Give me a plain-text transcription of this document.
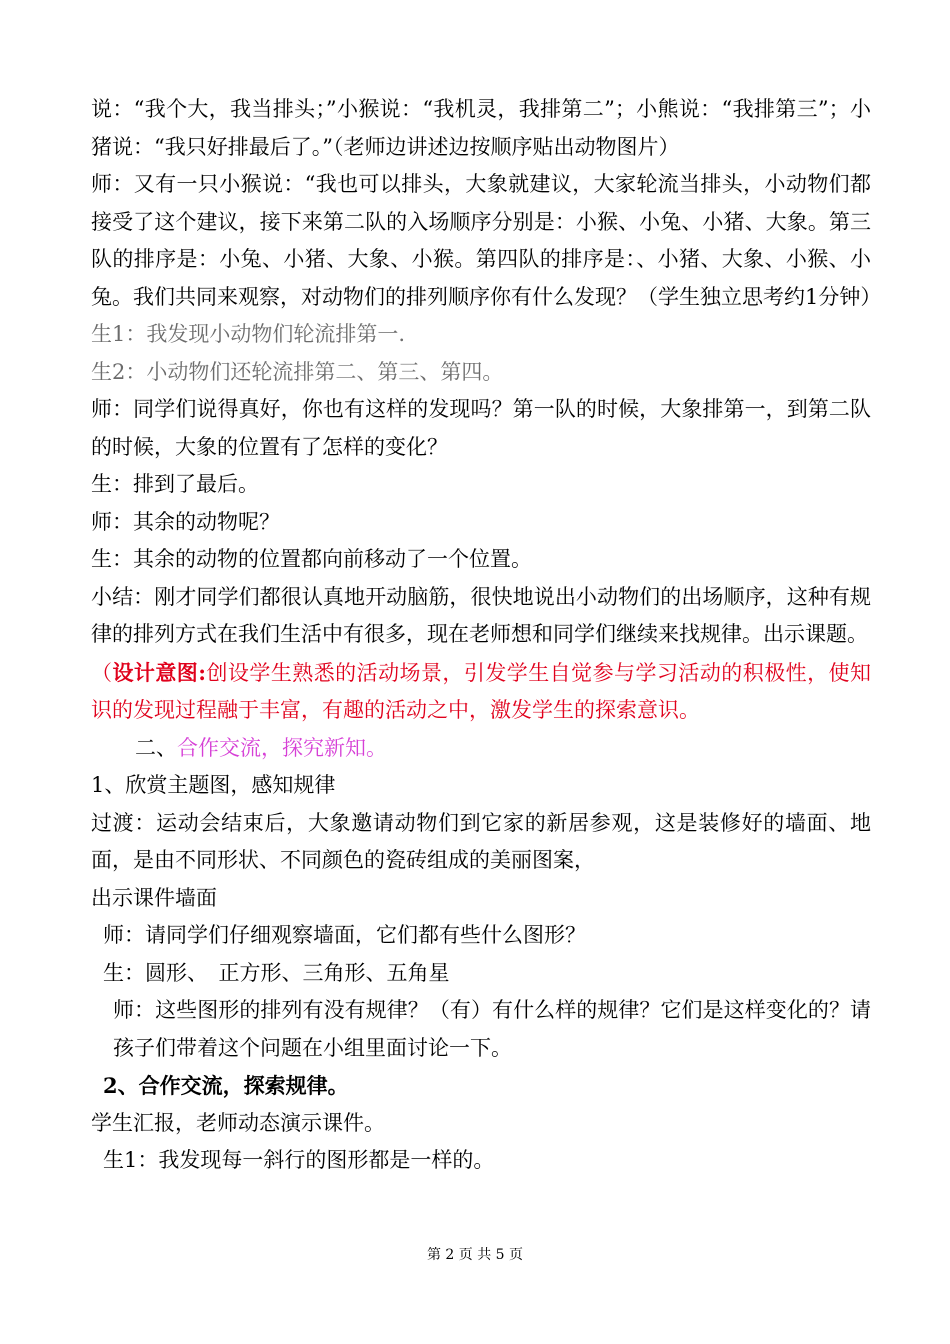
说：“我个大，我当排头；”小猴说：“我机灵，我排第二”；小熊说：“我排第三”；小猪说：“我只好排最后了。”（老师边讲述边按顺序贴出动物图片）

师：又有一只小猴说：“我也可以排头，大象就建议，大家轮流当排头，小动物们都接受了这个建议，接下来第二队的入场顺序分别是：小猴、小兔、小猪、大象。第三队的排序是：小兔、小猪、大象、小猴。第四队的排序是：、小猪、大象、小猴、小兔。我们共同来观察，对动物们的排列顺序你有什么发现？（学生独立思考约1分钟）

生1：我发现小动物们轮流排第一.

生2：小动物们还轮流排第二、第三、第四。

师：同学们说得真好，你也有这样的发现吗？第一队的时候，大象排第一，到第二队的时候，大象的位置有了怎样的变化？

生：排到了最后。

师：其余的动物呢？

生：其余的动物的位置都向前移动了一个位置。

小结：刚才同学们都很认真地开动脑筋，很快地说出小动物们的出场顺序，这种有规律的排列方式在我们生活中有很多，现在老师想和同学们继续来找规律。出示课题。

（设计意图:创设学生熟悉的活动场景，引发学生自觉参与学习活动的积极性，使知识的发现过程融于丰富，有趣的活动之中，激发学生的探索意识。

二、合作交流，探究新知。

1、欣赏主题图，感知规律

过渡：运动会结束后，大象邀请动物们到它家的新居参观，这是装修好的墙面、地面，是由不同形状、不同颜色的瓷砖组成的美丽图案，

出示课件墙面

师：请同学们仔细观察墙面，它们都有些什么图形？

生：圆形、　正方形、三角形、五角星

师：这些图形的排列有没有规律？（有）有什么样的规律？它们是这样变化的？请孩子们带着这个问题在小组里面讨论一下。

2、合作交流，探索规律。

学生汇报，老师动态演示课件。

生1：我发现每一斜行的图形都是一样的。

第 2 页 共 5 页
